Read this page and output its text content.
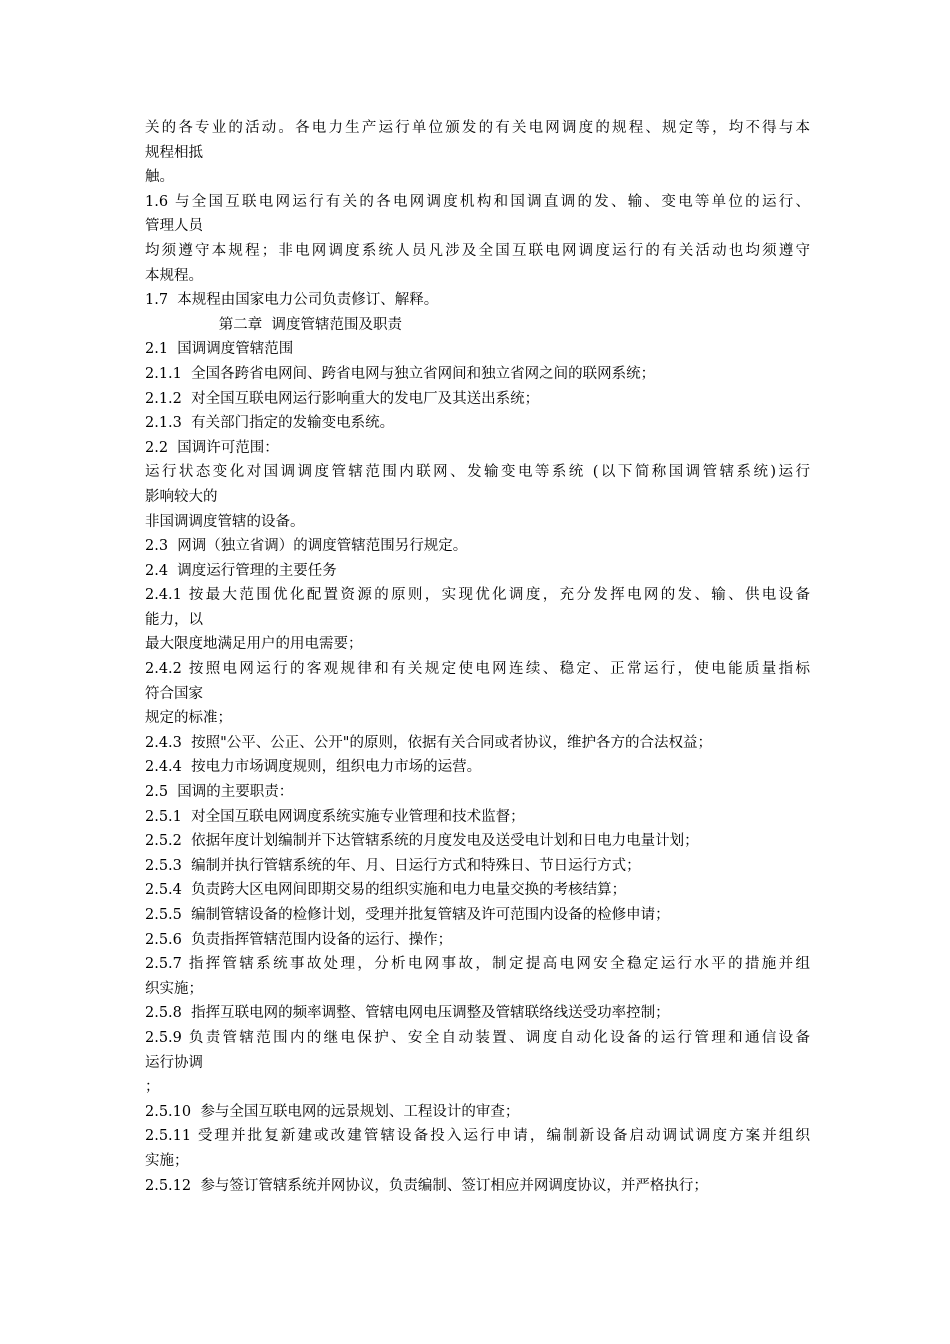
关的各专业的活动。各电力生产运行单位颁发的有关电网调度的规程、规定等，均不得与本
规程相抵
触。
1.6 与全国互联电网运行有关的各电网调度机构和国调直调的发、输、变电等单位的运行、
管理人员
均须遵守本规程；非电网调度系统人员凡涉及全国互联电网调度运行的有关活动也均须遵守
本规程。
1.7  本规程由国家电力公司负责修订、解释。
第二章  调度管辖范围及职责
2.1  国调调度管辖范围
2.1.1  全国各跨省电网间、跨省电网与独立省网间和独立省网之间的联网系统；
2.1.2  对全国互联电网运行影响重大的发电厂及其送出系统；
2.1.3  有关部门指定的发输变电系统。
2.2  国调许可范围：
运行状态变化对国调调度管辖范围内联网、发输变电等系统 (以下简称国调管辖系统)运行
影响较大的
非国调调度管辖的设备。
2.3  网调（独立省调）的调度管辖范围另行规定。
2.4  调度运行管理的主要任务
2.4.1 按最大范围优化配置资源的原则，实现优化调度，充分发挥电网的发、输、供电设备
能力，以
最大限度地满足用户的用电需要；
2.4.2 按照电网运行的客观规律和有关规定使电网连续、稳定、正常运行，使电能质量指标
符合国家
规定的标准；
2.4.3  按照"公平、公正、公开"的原则，依据有关合同或者协议，维护各方的合法权益；
2.4.4  按电力市场调度规则，组织电力市场的运营。
2.5  国调的主要职责：
2.5.1  对全国互联电网调度系统实施专业管理和技术监督；
2.5.2  依据年度计划编制并下达管辖系统的月度发电及送受电计划和日电力电量计划；
2.5.3  编制并执行管辖系统的年、月、日运行方式和特殊日、节日运行方式；
2.5.4  负责跨大区电网间即期交易的组织实施和电力电量交换的考核结算；
2.5.5  编制管辖设备的检修计划，受理并批复管辖及许可范围内设备的检修申请；
2.5.6  负责指挥管辖范围内设备的运行、操作；
2.5.7 指挥管辖系统事故处理，分析电网事故，制定提高电网安全稳定运行水平的措施并组
织实施；
2.5.8  指挥互联电网的频率调整、管辖电网电压调整及管辖联络线送受功率控制；
2.5.9 负责管辖范围内的继电保护、安全自动装置、调度自动化设备的运行管理和通信设备
运行协调
；
2.5.10  参与全国互联电网的远景规划、工程设计的审查；
2.5.11 受理并批复新建或改建管辖设备投入运行申请，编制新设备启动调试调度方案并组织
实施；
2.5.12  参与签订管辖系统并网协议，负责编制、签订相应并网调度协议，并严格执行；
